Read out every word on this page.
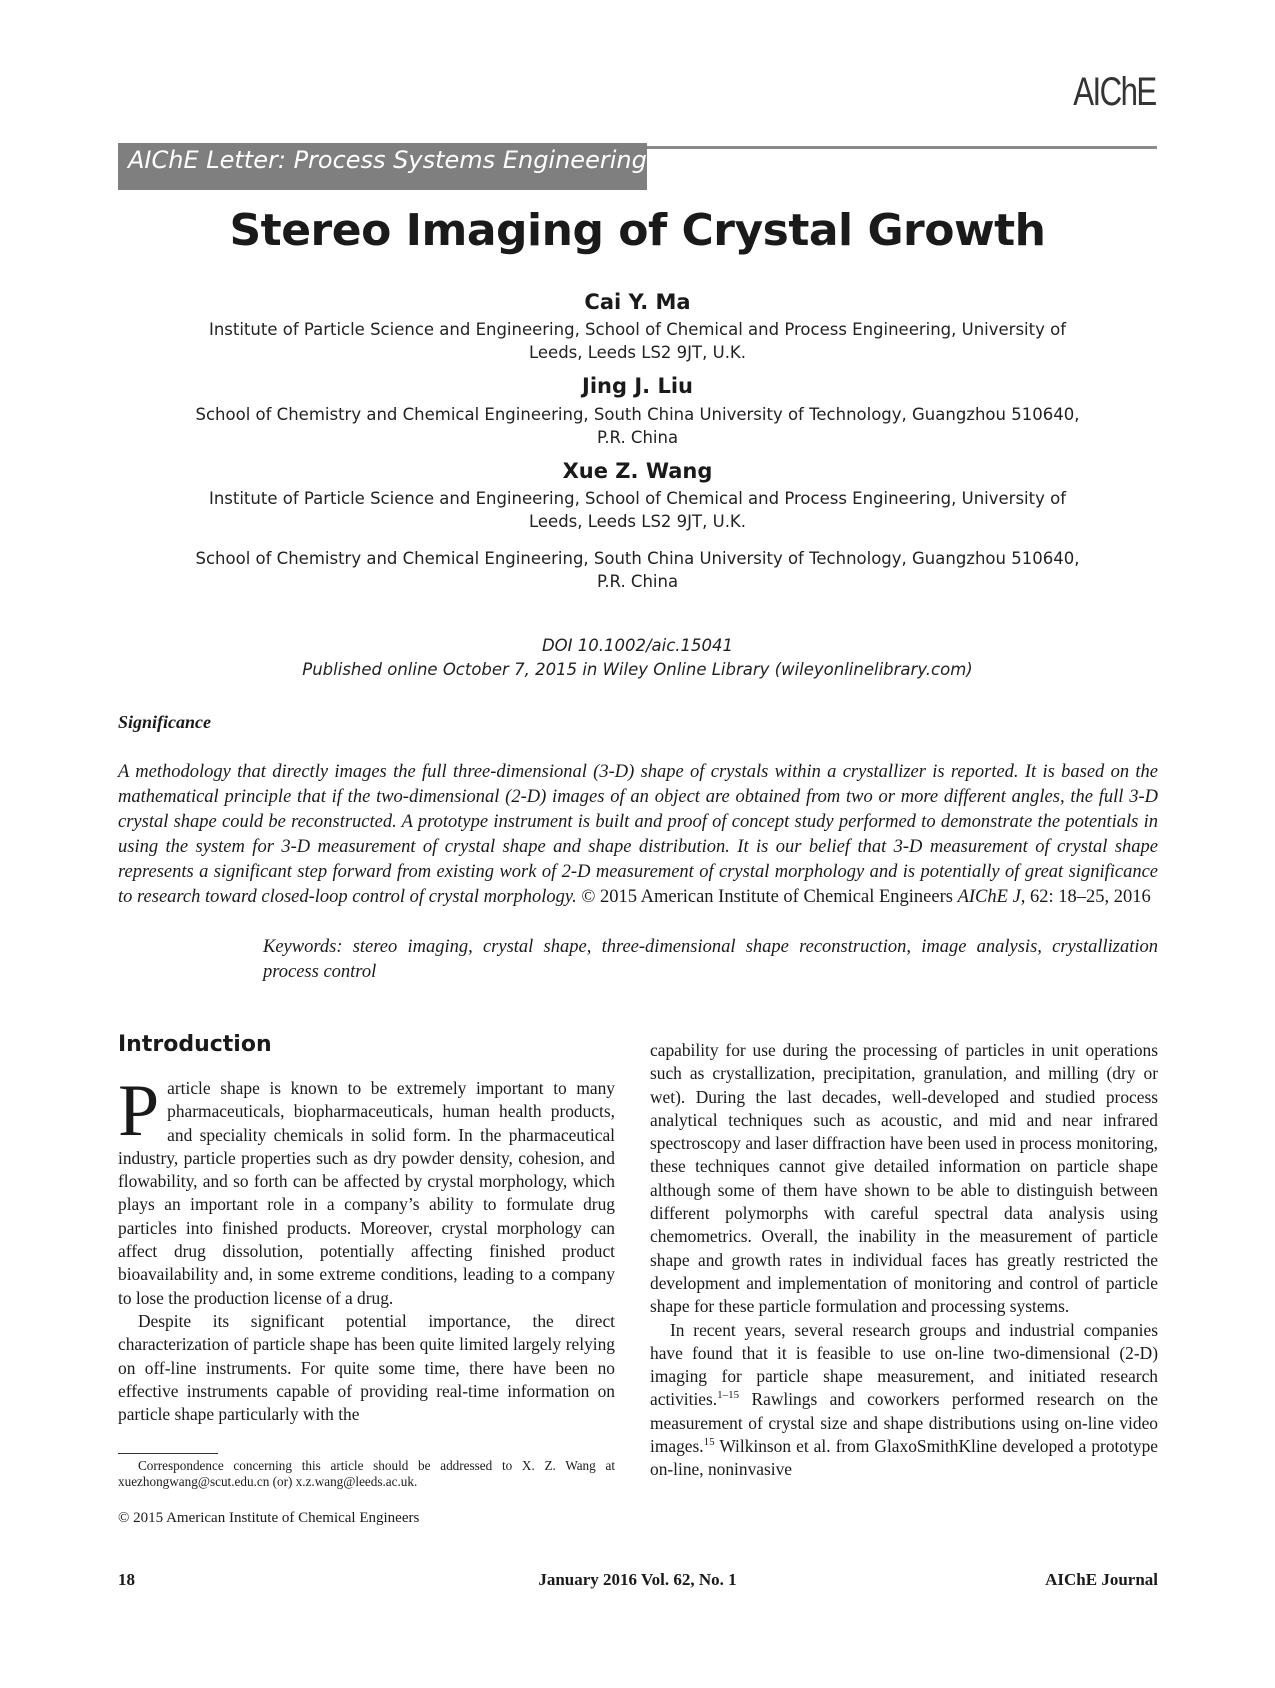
AIChE
AIChE Letter: Process Systems Engineering
Stereo Imaging of Crystal Growth
Cai Y. Ma
Institute of Particle Science and Engineering, School of Chemical and Process Engineering, University of
Leeds, Leeds LS2 9JT, U.K.
Jing J. Liu
School of Chemistry and Chemical Engineering, South China University of Technology, Guangzhou 510640,
P.R. China
Xue Z. Wang
Institute of Particle Science and Engineering, School of Chemical and Process Engineering, University of
Leeds, Leeds LS2 9JT, U.K.
School of Chemistry and Chemical Engineering, South China University of Technology, Guangzhou 510640,
P.R. China
DOI 10.1002/aic.15041
Published online October 7, 2015 in Wiley Online Library (wileyonlinelibrary.com)
Significance
A methodology that directly images the full three-dimensional (3-D) shape of crystals within a crystallizer is reported. It is based on the mathematical principle that if the two-dimensional (2-D) images of an object are obtained from two or more different angles, the full 3-D crystal shape could be reconstructed. A prototype instrument is built and proof of concept study performed to demonstrate the potentials in using the system for 3-D measurement of crystal shape and shape distribution. It is our belief that 3-D measurement of crystal shape represents a significant step forward from existing work of 2-D measurement of crystal morphology and is potentially of great significance to research toward closed-loop control of crystal morphology. © 2015 American Institute of Chemical Engineers AIChE J, 62: 18–25, 2016
Keywords: stereo imaging, crystal shape, three-dimensional shape reconstruction, image analysis, crystallization process control
Introduction

Particle shape is known to be extremely important to many pharmaceuticals, biopharmaceuticals, human health products, and speciality chemicals in solid form. In the pharmaceutical industry, particle properties such as dry powder density, cohesion, and flowability, and so forth can be affected by crystal morphology, which plays an important role in a company’s ability to formulate drug particles into finished products. Moreover, crystal morphology can affect drug dissolution, potentially affecting finished product bioavailability and, in some extreme conditions, leading to a company to lose the production license of a drug.

Despite its significant potential importance, the direct characterization of particle shape has been quite limited largely relying on off-line instruments. For quite some time, there have been no effective instruments capable of providing real-time information on particle shape particularly with the

capability for use during the processing of particles in unit operations such as crystallization, precipitation, granulation, and milling (dry or wet). During the last decades, well-developed and studied process analytical techniques such as acoustic, and mid and near infrared spectroscopy and laser diffraction have been used in process monitoring, these techniques cannot give detailed information on particle shape although some of them have shown to be able to distinguish between different polymorphs with careful spectral data analysis using chemometrics. Overall, the inability in the measurement of particle shape and growth rates in individual faces has greatly restricted the development and implementation of monitoring and control of particle shape for these particle formulation and processing systems.

In recent years, several research groups and industrial companies have found that it is feasible to use on-line two-dimensional (2-D) imaging for particle shape measurement, and initiated research activities.$^{1-15}$ Rawlings and coworkers performed research on the measurement of crystal size and shape distributions using on-line video images.$^{15}$ Wilkinson et al. from GlaxoSmithKline developed a prototype on-line, noninvasive

Correspondence concerning this article should be addressed to X. Z. Wang at xuezhongwang@scut.edu.cn (or) x.z.wang@leeds.ac.uk.
© 2015 American Institute of Chemical Engineers
18	January 2016 Vol. 62, No. 1	AIChE Journal
